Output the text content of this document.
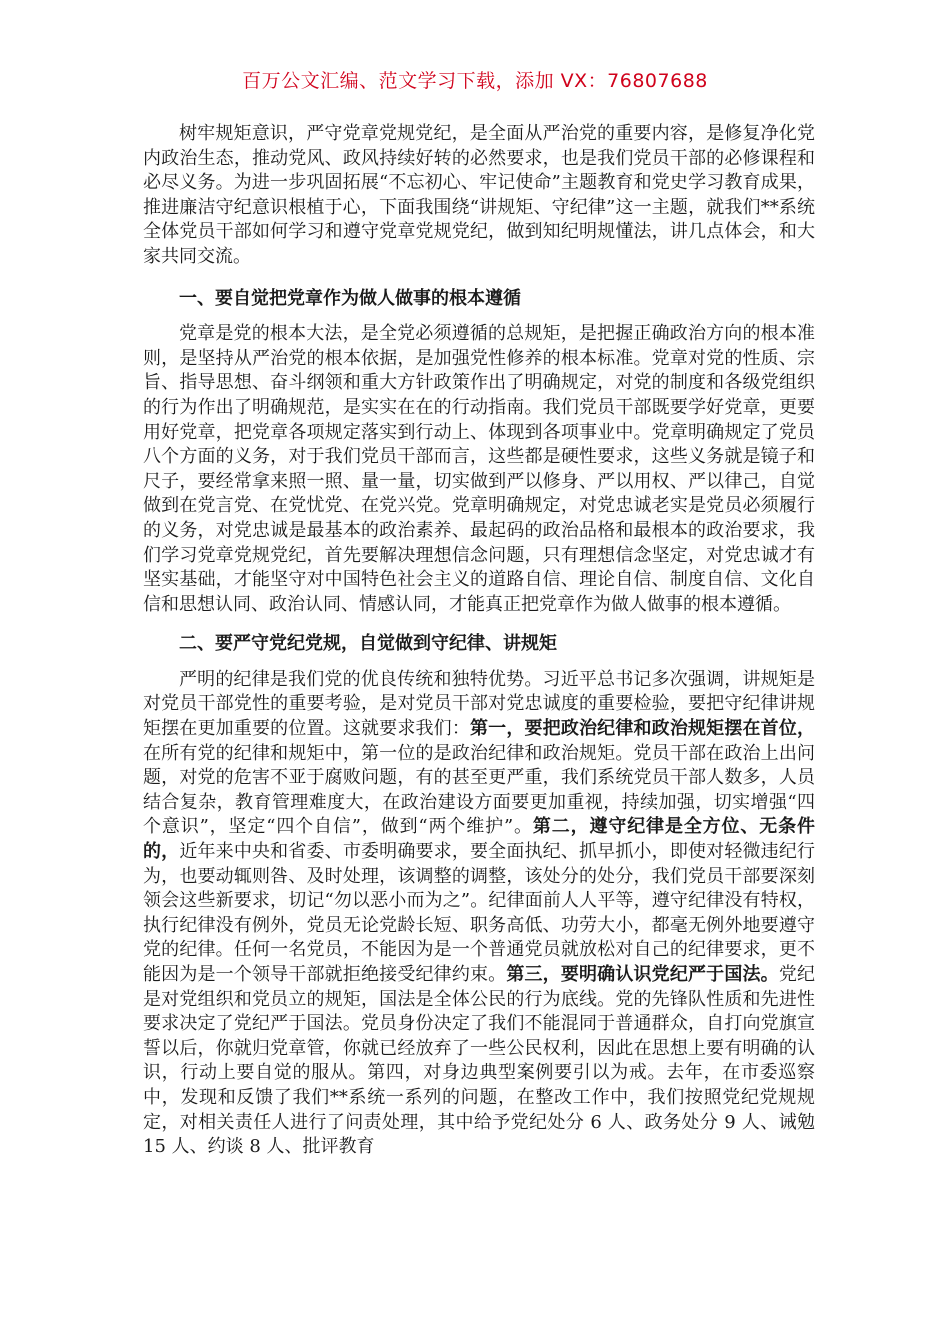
百万公文汇编、范文学习下载，添加 VX：76807688

树牢规矩意识，严守党章党规党纪，是全面从严治党的重要内容，是修复净化党内政治生态，推动党风、政风持续好转的必然要求，也是我们党员干部的必修课程和必尽义务。为进一步巩固拓展“不忘初心、牢记使命”主题教育和党史学习教育成果，推进廉洁守纪意识根植于心，下面我围绕“讲规矩、守纪律”这一主题，就我们**系统全体党员干部如何学习和遵守党章党规党纪，做到知纪明规懂法，讲几点体会，和大家共同交流。

一、要自觉把党章作为做人做事的根本遵循

党章是党的根本大法，是全党必须遵循的总规矩，是把握正确政治方向的根本准则，是坚持从严治党的根本依据，是加强党性修养的根本标准。党章对党的性质、宗旨、指导思想、奋斗纲领和重大方针政策作出了明确规定，对党的制度和各级党组织的行为作出了明确规范，是实实在在的行动指南。我们党员干部既要学好党章，更要用好党章，把党章各项规定落实到行动上、体现到各项事业中。党章明确规定了党员八个方面的义务，对于我们党员干部而言，这些都是硬性要求，这些义务就是镜子和尺子，要经常拿来照一照、量一量，切实做到严以修身、严以用权、严以律己，自觉做到在党言党、在党忧党、在党兴党。党章明确规定，对党忠诚老实是党员必须履行的义务，对党忠诚是最基本的政治素养、最起码的政治品格和最根本的政治要求，我们学习党章党规党纪，首先要解决理想信念问题，只有理想信念坚定，对党忠诚才有坚实基础，才能坚守对中国特色社会主义的道路自信、理论自信、制度自信、文化自信和思想认同、政治认同、情感认同，才能真正把党章作为做人做事的根本遵循。

二、要严守党纪党规，自觉做到守纪律、讲规矩

严明的纪律是我们党的优良传统和独特优势。习近平总书记多次强调，讲规矩是对党员干部党性的重要考验，是对党员干部对党忠诚度的重要检验，要把守纪律讲规矩摆在更加重要的位置。这就要求我们：第一，要把政治纪律和政治规矩摆在首位，在所有党的纪律和规矩中，第一位的是政治纪律和政治规矩。党员干部在政治上出问题，对党的危害不亚于腐败问题，有的甚至更严重，我们系统党员干部人数多，人员结合复杂，教育管理难度大，在政治建设方面要更加重视，持续加强，切实增强“四个意识”，坚定“四个自信”，做到“两个维护”。第二，遵守纪律是全方位、无条件的，近年来中央和省委、市委明确要求，要全面执纪、抓早抓小，即使对轻微违纪行为，也要动辄则咎、及时处理，该调整的调整，该处分的处分，我们党员干部要深刻领会这些新要求，切记“勿以恶小而为之”。纪律面前人人平等，遵守纪律没有特权，执行纪律没有例外，党员无论党龄长短、职务高低、功劳大小，都毫无例外地要遵守党的纪律。任何一名党员，不能因为是一个普通党员就放松对自己的纪律要求，更不能因为是一个领导干部就拒绝接受纪律约束。第三，要明确认识党纪严于国法。党纪是对党组织和党员立的规矩，国法是全体公民的行为底线。党的先锋队性质和先进性要求决定了党纪严于国法。党员身份决定了我们不能混同于普通群众，自打向党旗宣誓以后，你就归党章管，你就已经放弃了一些公民权利，因此在思想上要有明确的认识，行动上要自觉的服从。第四，对身边典型案例要引以为戒。去年，在市委巡察中，发现和反馈了我们**系统一系列的问题，在整改工作中，我们按照党纪党规规定，对相关责任人进行了问责处理，其中给予党纪处分 6 人、政务处分 9 人、诫勉 15 人、约谈 8 人、批评教育
